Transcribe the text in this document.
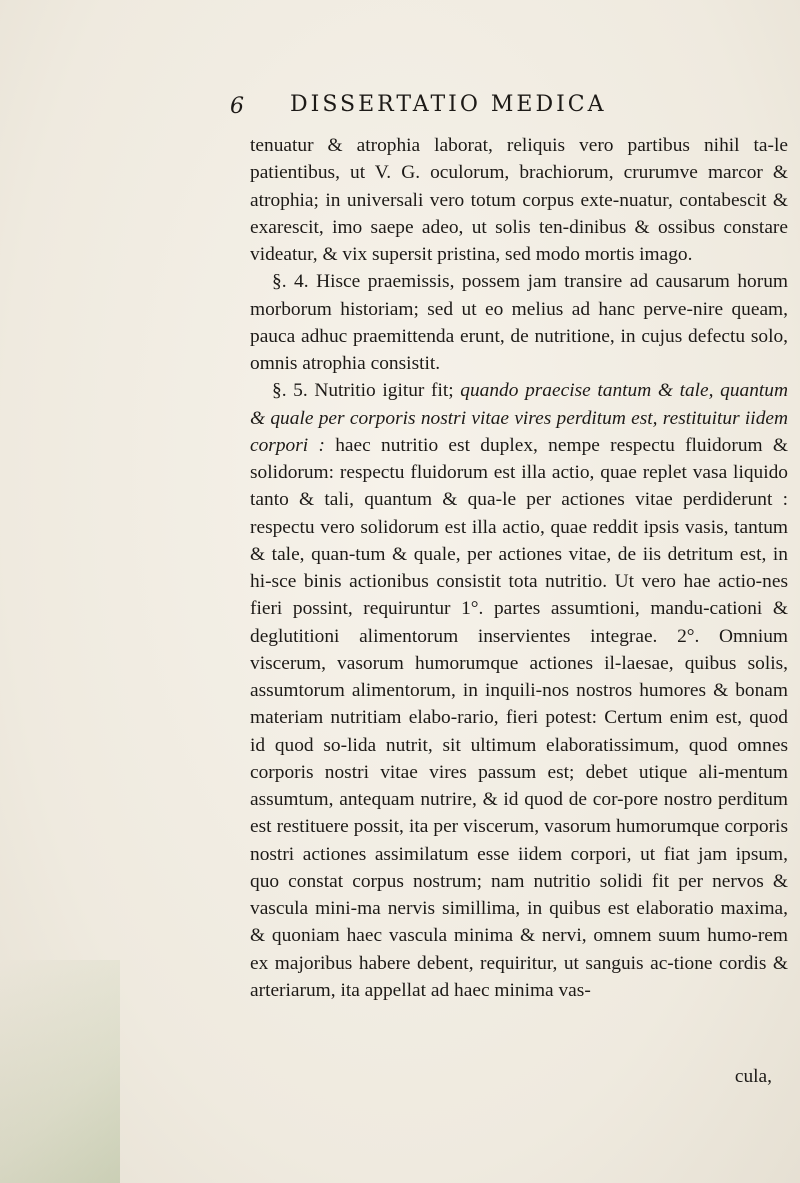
6 DISSERTATIO MEDICA

tenuatur & atrophia laborat, reliquis vero partibus nihil ta-le patientibus, ut V. G. oculorum, brachiorum, crurumve marcor & atrophia; in universali vero totum corpus exte-nuatur, contabescit & exarescit, imo saepe adeo, ut solis ten-dinibus & ossibus constare videatur, & vix supersit pristina, sed modo mortis imago.

§. 4. Hisce praemissis, possem jam transire ad causarum horum morborum historiam; sed ut eo melius ad hanc perve-nire queam, pauca adhuc praemittenda erunt, de nutritione, in cujus defectu solo, omnis atrophia consistit.

§. 5. Nutritio igitur fit; quando praecise tantum & tale, quantum & quale per corporis nostri vitae vires perditum est, restituitur iidem corpori : haec nutritio est duplex, nempe respectu fluidorum & solidorum: respectu fluidorum est illa actio, quae replet vasa liquido tanto & tali, quantum & qua-le per actiones vitae perdiderunt : respectu vero solidorum est illa actio, quae reddit ipsis vasis, tantum & tale, quan-tum & quale, per actiones vitae, de iis detritum est, in hi-sce binis actionibus consistit tota nutritio. Ut vero hae actio-nes fieri possint, requiruntur 1°. partes assumtioni, mandu-cationi & deglutitioni alimentorum inservientes integrae. 2°. Omnium viscerum, vasorum humorumque actiones il-laesae, quibus solis, assumtorum alimentorum, in inquili-nos nostros humores & bonam materiam nutritiam elabo-rario, fieri potest: Certum enim est, quod id quod so-lida nutrit, sit ultimum elaboratissimum, quod omnes corporis nostri vitae vires passum est; debet utique ali-mentum assumtum, antequam nutrire, & id quod de cor-pore nostro perditum est restituere possit, ita per viscerum, vasorum humorumque corporis nostri actiones assimilatum esse iidem corpori, ut fiat jam ipsum, quo constat corpus nostrum; nam nutritio solidi fit per nervos & vascula mini-ma nervis simillima, in quibus est elaboratio maxima, & quoniam haec vascula minima & nervi, omnem suum humo-rem ex majoribus habere debent, requiritur, ut sanguis ac-tione cordis & arteriarum, ita appellat ad haec minima vas-

cula,
